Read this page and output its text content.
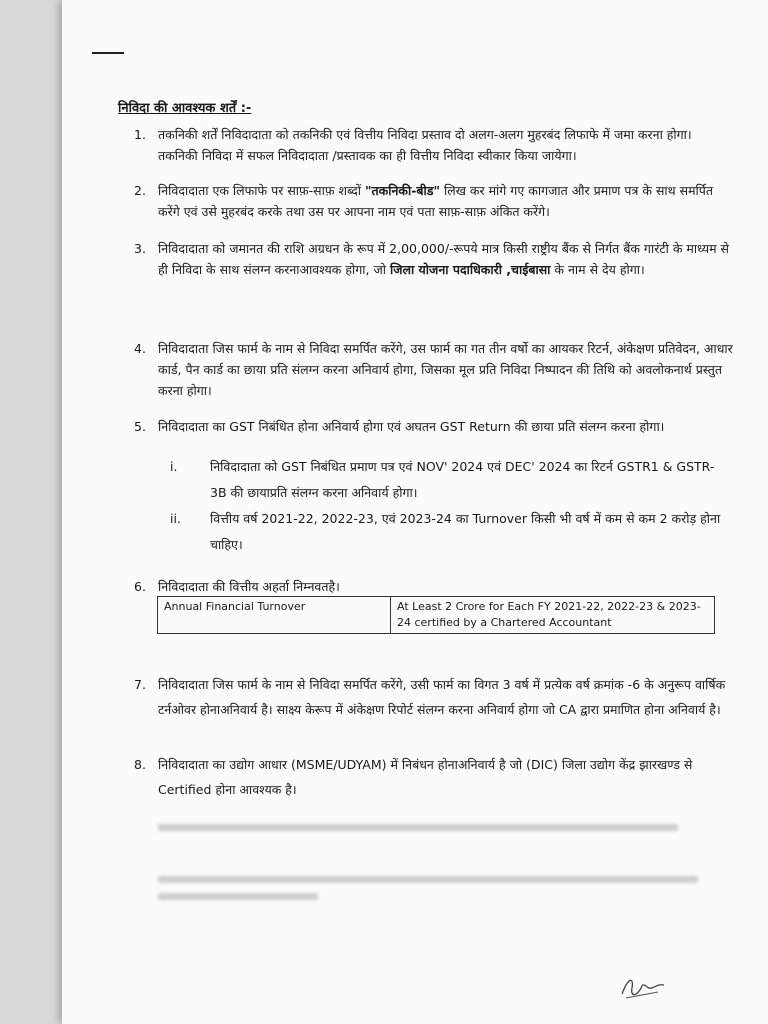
निविदा की आवश्यक शर्तें :-
1. तकनिकी शर्तें निविदादाता को तकनिकी एवं वित्तीय निविदा प्रस्ताव दो अलग-अलग मुहरबंद लिफाफे में जमा करना होगा। तकनिकी निविदा में सफल निविदादाता /प्रस्तावक का ही वित्तीय निविदा स्वीकार किया जायेगा।
2. निविदादाता एक लिफाफे पर साफ़-साफ़ शब्दों "तकनिकी-बीड" लिख कर मांगे गए कागजात और प्रमाण पत्र के साथ समर्पित करेंगे एवं उसे मुहरबंद करके तथा उस पर आपना नाम एवं पता साफ़-साफ़ अंकित करेंगे।
3. निविदादाता को जमानत की राशि अग्रधन के रूप में 2,00,000/-रूपये मात्र किसी राष्ट्रीय बैंक से निर्गत बैंक गारंटी के माध्यम से ही निविदा के साथ संलग्न करनाआवश्यक होगा, जो जिला योजना पदाधिकारी ,चाईबासा के नाम से देय होगा।
4. निविदादाता जिस फार्म के नाम से निविदा समर्पित करेंगे, उस फार्म का गत तीन वर्षो का आयकर रिटर्न, अंकेक्षण प्रतिवेदन, आधार कार्ड, पैन कार्ड का छाया प्रति संलग्न करना अनिवार्य होगा, जिसका मूल प्रति निविदा निष्पादन की तिथि को अवलोकनार्थ प्रस्तुत करना होगा।
5. निविदादाता का GST निबंधित होना अनिवार्य होगा एवं अघतन GST Return की छाया प्रति संलग्न करना होगा।
i.	निविदादाता को GST निबंधित प्रमाण पत्र एवं NOV' 2024 एवं DEC' 2024 का रिटर्न GSTR1 & GSTR-3B की छायाप्रति संलग्न करना अनिवार्य होगा।
ii. वित्तीय वर्ष 2021-22, 2022-23, एवं 2023-24 का Turnover किसी भी वर्ष में कम से कम 2 करोड़ होना चाहिए।
6. निविदादाता की वित्तीय अहर्ता निम्नवतहै।
Annual Financial Turnover	At Least 2 Crore for Each FY 2021-22, 2022-23 & 2023-24 certified by a Chartered Accountant
7. निविदादाता जिस फार्म के नाम से निविदा समर्पित करेंगे, उसी फार्म का विगत 3 वर्ष में प्रत्येक वर्ष क्रमांक -6 के अनुरूप वार्षिक टर्नओवर होनाअनिवार्य है। साक्ष्य केरूप में अंकेक्षण रिपोर्ट संलग्न करना अनिवार्य होगा जो CA द्वारा प्रमाणित होना अनिवार्य है।
8. निविदादाता का उद्योग आधार (MSME/UDYAM) में निबंधन होनाअनिवार्य है जो (DIC) जिला उद्योग केंद्र झारखण्ड से Certified होना आवश्यक है।
